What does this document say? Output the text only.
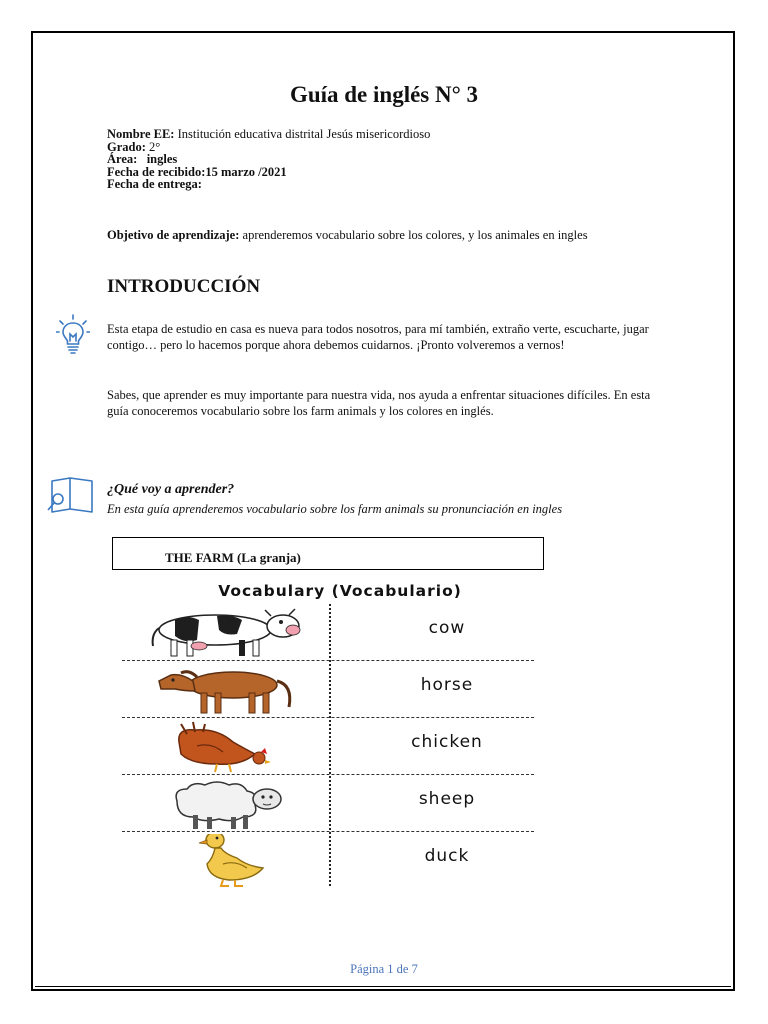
Guía de inglés N° 3
Nombre EE: Institución educativa distrital Jesús misericordioso
Grado: 2°
Área:   ingles
Fecha de recibido:15 marzo /2021
Fecha de entrega:
Objetivo de aprendizaje: aprenderemos vocabulario sobre los colores, y los animales en ingles
INTRODUCCIÓN

Esta etapa de estudio en casa es nueva para todos nosotros, para mí también, extraño verte, escucharte, jugar contigo… pero lo hacemos porque ahora debemos cuidarnos. ¡Pronto volveremos a vernos!

Sabes, que aprender es muy importante para nuestra vida, nos ayuda a enfrentar situaciones difíciles. En esta guía conoceremos vocabulario sobre los farm animals y los colores en inglés.

¿Qué voy a aprender?
En esta guía aprenderemos vocabulario sobre los farm animals su pronunciación en ingles
THE FARM (La granja)
Vocabulary (Vocabulario)
cow
horse
chicken
sheep
duck
Página 1 de 7
